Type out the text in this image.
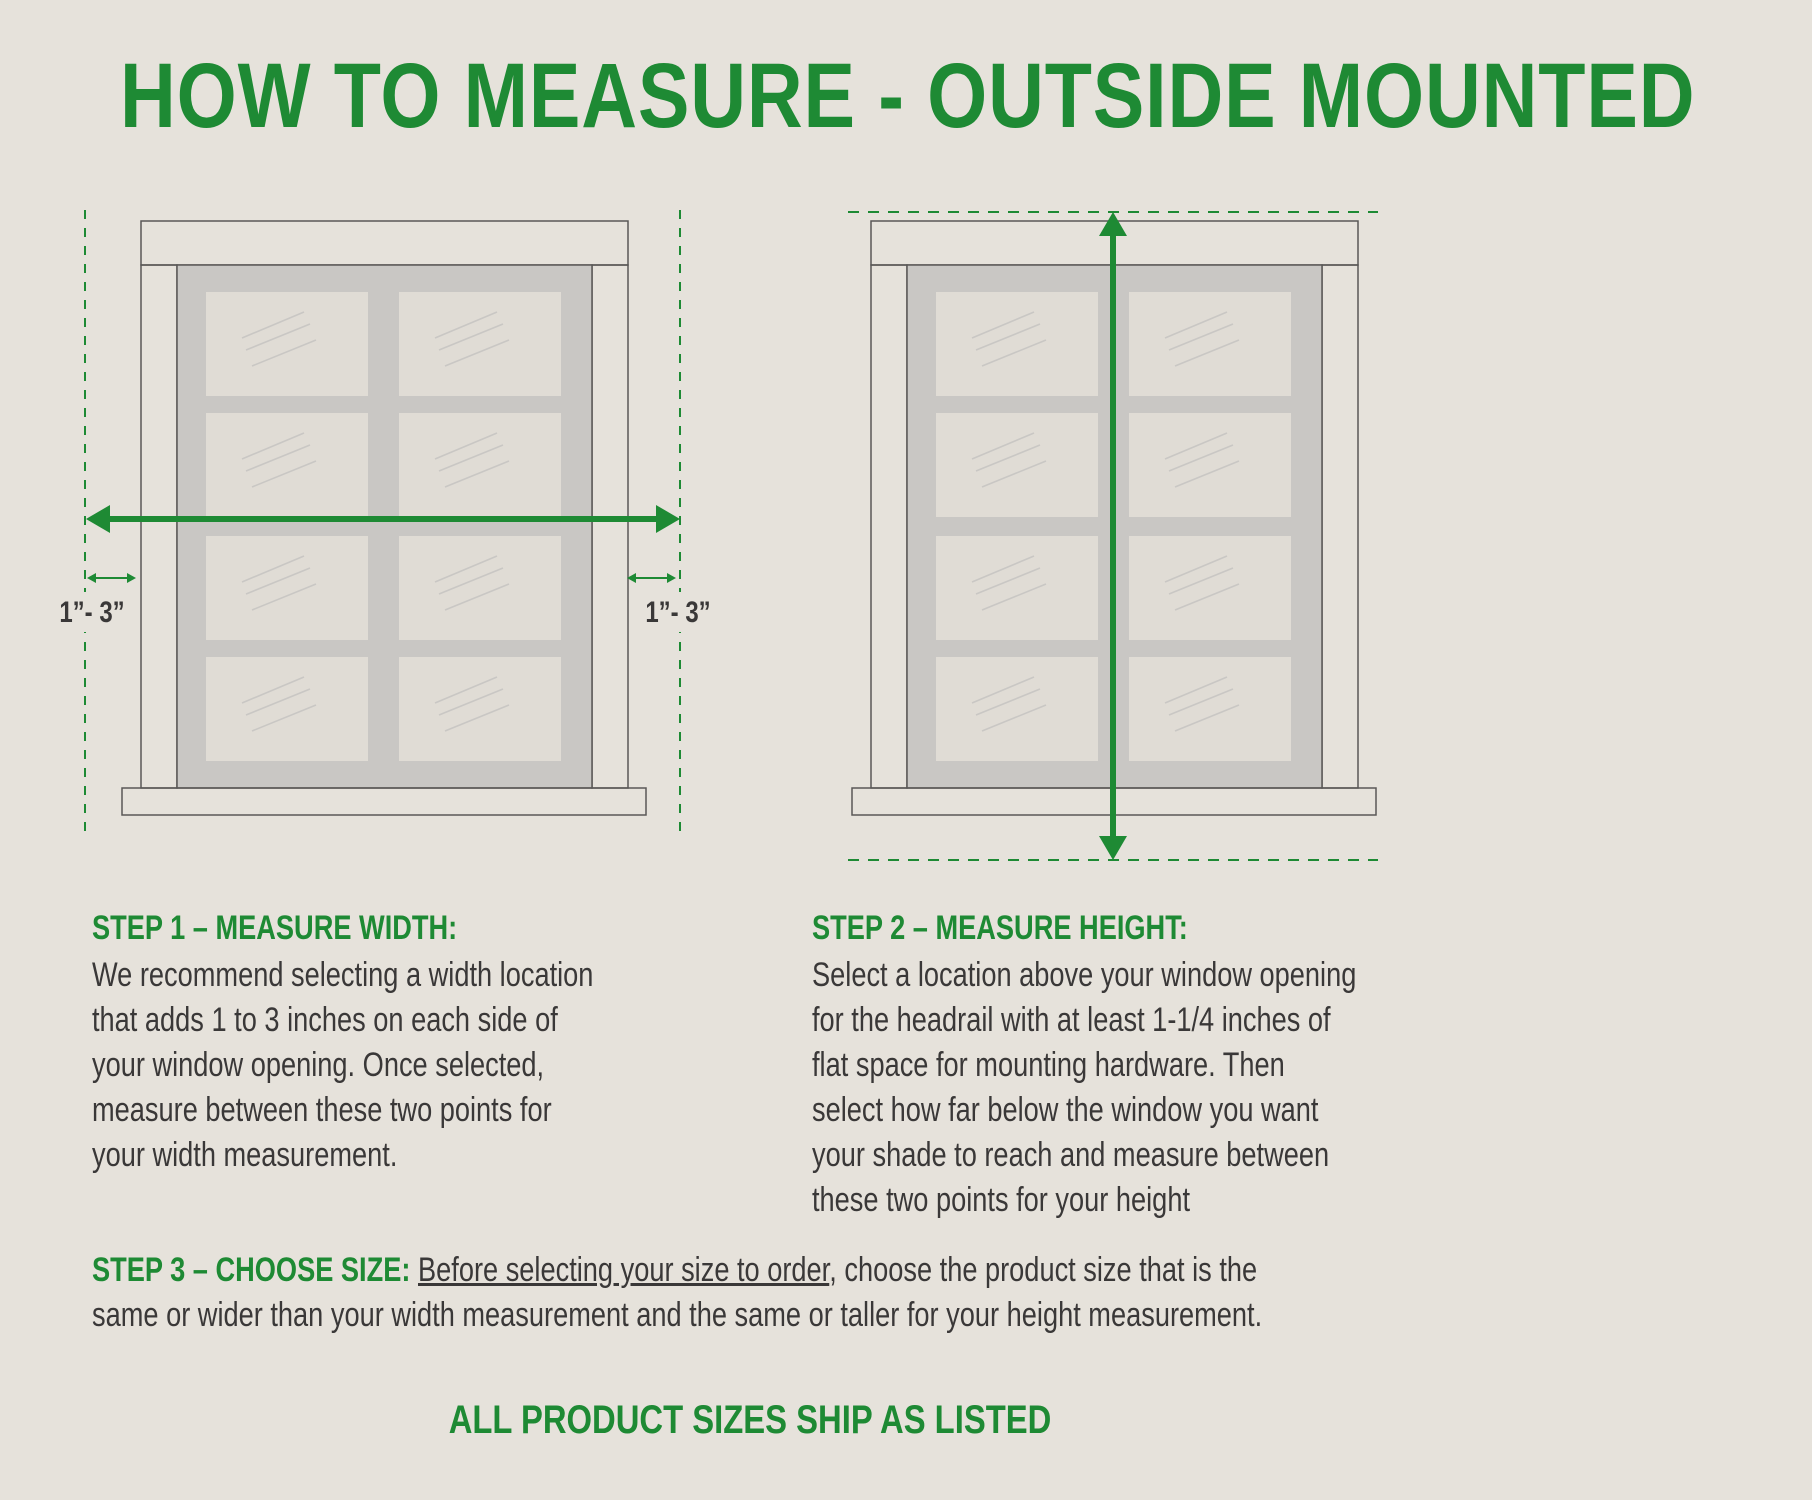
HOW TO MEASURE - OUTSIDE MOUNTED
1”- 3”	1”- 3”
STEP 1 – MEASURE WIDTH:
We recommend selecting a width location
that adds 1 to 3 inches on each side of
your window opening. Once selected,
measure between these two points for
your width measurement.
STEP 2 – MEASURE HEIGHT:
Select a location above your window opening
for the headrail with at least 1-1/4 inches of
flat space for mounting hardware. Then
select how far below the window you want
your shade to reach and measure between
these two points for your height
STEP 3 – CHOOSE SIZE: Before selecting your size to order, choose the product size that is the
same or wider than your width measurement and the same or taller for your height measurement.

ALL PRODUCT SIZES SHIP AS LISTED
